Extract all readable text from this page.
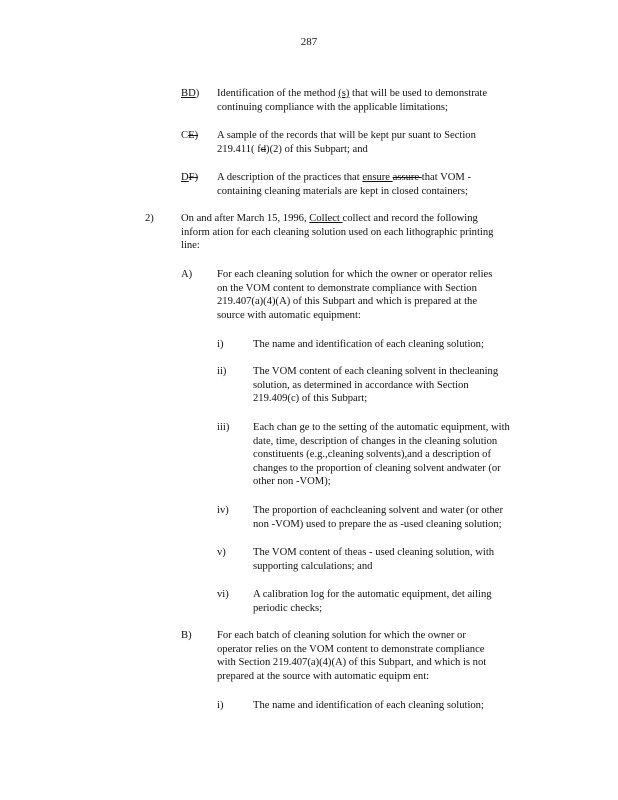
287
BD) Identification of the method (s) that will be used to demonstrate
continuing compliance with the applicable limitations;
CE) A sample of the records that will be kept pur suant to Section
219.411( fd)(2) of this Subpart; and
DF) A description of the practices that ensure assure that VOM -
containing cleaning materials are kept in closed containers;
2)	On and after March 15, 1996, Collect collect and record the following
inform ation for each cleaning solution used on each lithographic printing
line:
A) For each cleaning solution for which the owner or operator relies
on the VOM content to demonstrate compliance with Section
219.407(a)(4)(A) of this Subpart and which is prepared at the
source with automatic equipment:
i)	The name and identification of each cleaning solution;
ii)	The VOM content of each cleaning solvent in thecleaning
solution, as determined in accordance with Section
219.409(c) of this Subpart;
iii) Each chan ge to the setting of the automatic equipment, with
date, time, description of changes in the cleaning solution
constituents (e.g.,cleaning solvents),and a description of
changes to the proportion of cleaning solvent andwater (or
other non -VOM);
iv) The proportion of eachcleaning solvent and water (or other
non -VOM) used to prepare the as -used cleaning solution;
v)	The VOM content of theas - used cleaning solution, with
supporting calculations; and
vi) A calibration log for the automatic equipment, det ailing
periodic checks;
B) For each batch of cleaning solution for which the owner or
operator relies on the VOM content to demonstrate compliance
with Section 219.407(a)(4)(A) of this Subpart, and which is not
prepared at the source with automatic equipm ent:
i)	The name and identification of each cleaning solution;
